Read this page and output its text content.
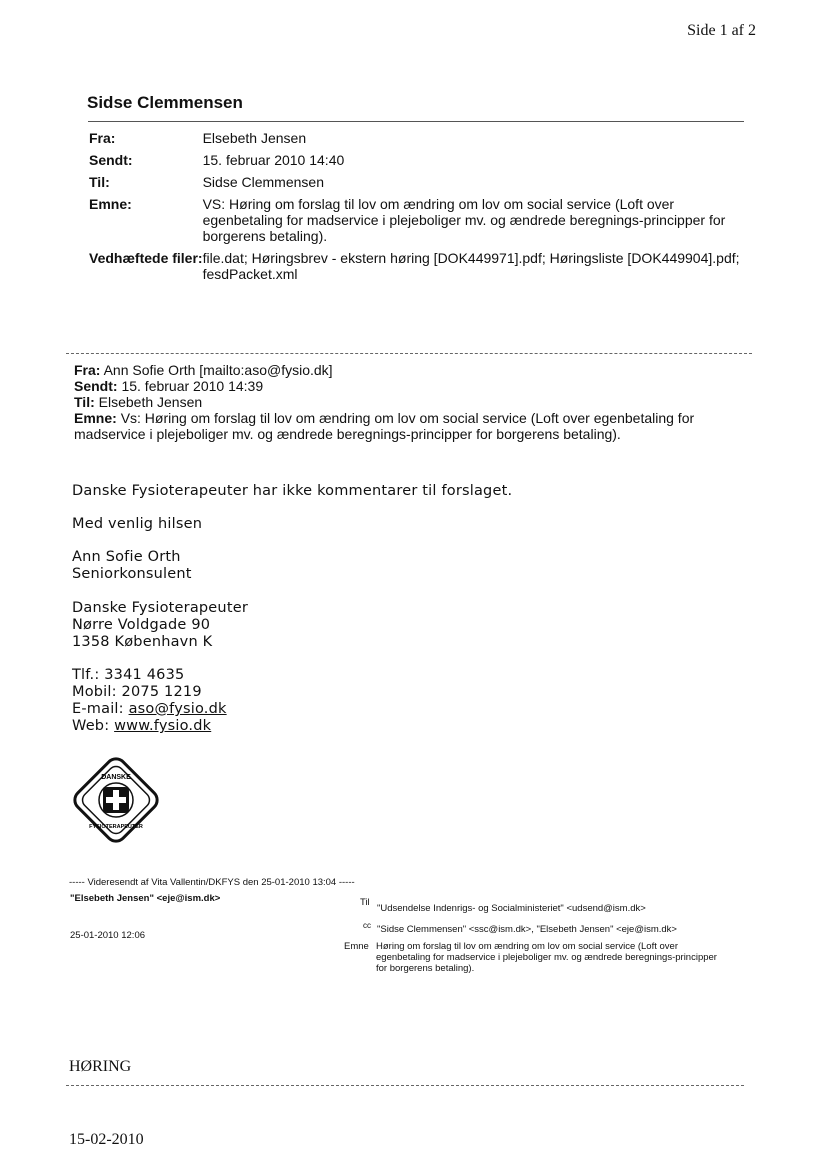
Side 1 af 2
Sidse Clemmensen
Fra:	Elsebeth Jensen
Sendt:	15. februar 2010 14:40
Til:	Sidse Clemmensen
Emne:	VS: Høring om forslag til lov om ændring om lov om social service (Loft over egenbetaling for madservice i plejeboliger mv. og ændrede beregnings-principper for borgerens betaling).
Vedhæftede filer:	file.dat; Høringsbrev - ekstern høring [DOK449971].pdf; Høringsliste [DOK449904].pdf; fesdPacket.xml
Fra: Ann Sofie Orth [mailto:aso@fysio.dk]
Sendt: 15. februar 2010 14:39
Til: Elsebeth Jensen
Emne: Vs: Høring om forslag til lov om ændring om lov om social service (Loft over egenbetaling for madservice i plejeboliger mv. og ændrede beregnings-principper for borgerens betaling).
Danske Fysioterapeuter har ikke kommentarer til forslaget.
Med venlig hilsen
Ann Sofie Orth
Seniorkonsulent
Danske Fysioterapeuter
Nørre Voldgade 90
1358 København K
Tlf.: 3341 4635
Mobil: 2075 1219
E-mail: aso@fysio.dk
Web: www.fysio.dk
DANSKE
FYSIOTERAPEUTER
----- Videresendt af Vita Vallentin/DKFYS den 25-01-2010 13:04 -----
"Elsebeth Jensen" <eje@ism.dk>
25-01-2010 12:06
Til
"Udsendelse Indenrigs- og Socialministeriet" <udsend@ism.dk>
cc "Sidse Clemmensen" <ssc@ism.dk>, "Elsebeth Jensen" <eje@ism.dk>
Emne Høring om forslag til lov om ændring om lov om social service (Loft over egenbetaling for madservice i plejeboliger mv. og ændrede beregnings-principper for borgerens betaling).
HØRING
15-02-2010
